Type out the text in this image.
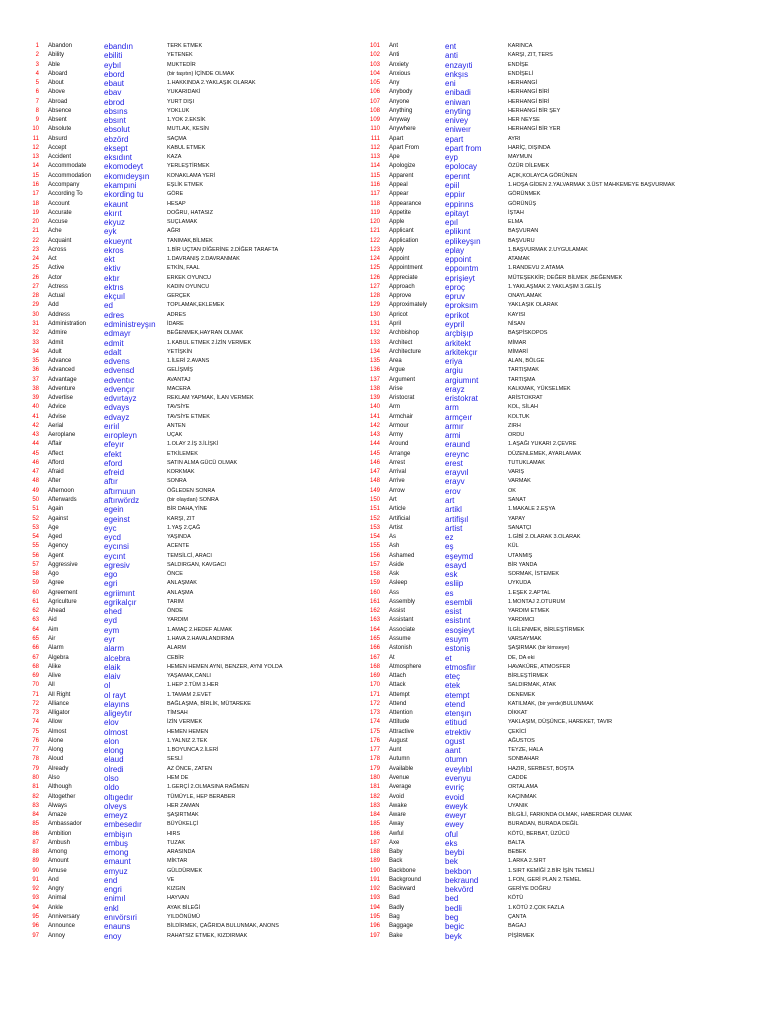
1 Abandon	ebandın	TERK ETMEK
2 Ability	ebiliti	YETENEK
3 Able	eybıl	MUKTEDİR
4 Aboard	ebord	(bir taşıtın) İÇİNDE OLMAK
5 About	ebaut	1.HAKKINDA 2.YAKLAŞIK OLARAK
6 Above	ebav	YUKARIDAKİ
7 Abroad	ebrod	YURT DIŞI
8 Absence	ebsıns	YOKLUK
9 Absent	ebsınt	1.YOK 2.EKSİK
10 Absolute	ebsolut	MUTLAK, KESİN
11 Absurd	ebzörd	SAÇMA
12 Accept	eksept	KABUL ETMEK
13 Accident	eksıdınt	KAZA
14 Accommodate	ekomodeyt	YERLEŞTİRMEK
15 Accommodation	ekomıdeyşın	KONAKLAMA YERİ
16 Accompany	ekampıni	EŞLİK ETMEK
17 According To	ekording tu	GÖRE
18 Account	ekaunt	HESAP
19 Accurate	ekırıt	DOĞRU, HATASIZ
20 Accuse	ekyuz	SUÇLAMAK
21 Ache	eyk	AĞRI
22 Acquaint	ekueynt	TANIMAK,BİLMEK
23 Across	ekros	1.BİR UÇTAN DİĞERİNE 2.DİĞER TARAFTA
24 Act	ekt	1.DAVRANIŞ 2.DAVRANMAK
25 Active	ektiv	ETKİN, FAAL
26 Actor	ektır	ERKEK OYUNCU
27 Actress	ektrıs	KADIN OYUNCU
28 Actual	ekçuıl	GERÇEK
29 Add	ed	TOPLAMAK,EKLEMEK
30 Address	edres	ADRES
31 Administration	edministreyşın	İDARE
32 Admire	edmayr	BEĞENMEK,HAYRAN OLMAK
33 Admit	edmit	1.KABUL ETMEK 2.İZİN VERMEK
34 Adult	edalt	YETİŞKİN
35 Advance	edvens	1.İLERİ 2.AVANS
36 Advanced	edvensd	GELİŞMİŞ
37 Advantage	edventıc	AVANTAJ
38 Adventure	edvençır	MACERA
39 Advertise	edvırtayz	REKLAM YAPMAK, İLAN VERMEK
40 Advice	edvays	TAVSİYE
41 Advise	edvayz	TAVSİYE ETMEK
42 Aerial	eıriıl	ANTEN
43 Aeroplane	eıropleyn	UÇAK
44 Affair	efeyır	1.OLAY 2.İŞ 3.İLİŞKİ
45 Affect	efekt	ETKİLEMEK
46 Afford	eford	SATIN ALMA GÜCÜ OLMAK
47 Afraid	efreid	KORKMAK
48 After	aftır	SONRA
49 Afternoon	aftırnuun	ÖĞLEDEN SONRA
50 Afterwards	aftırwördz	(bir olaydan) SONRA
51 Again	egein	BİR DAHA,YİNE
52 Against	egeinst	KARŞI, ZIT
53 Age	eyc	1.YAŞ 2.ÇAĞ
54 Aged	eycd	YAŞINDA
55 Agency	eycınsi	ACENTE
56 Agent	eycınt	TEMSİLCİ, ARACI
57 Aggressive	egresiv	SALDIRGAN, KAVGACI
58 Ago	ego	ÖNCE
59 Agree	egri	ANLAŞMAK
60 Agreement	egriimınt	ANLAŞMA
61 Agriculture	egrikalçır	TARIM
62 Ahead	ehed	ÖNDE
63 Aid	eyd	YARDIM
64 Aim	eym	1.AMAÇ 2.HEDEF ALMAK
65 Air	eyr	1.HAVA 2.HAVALANDIRMA
66 Alarm	alarm	ALARM
67 Algebra	alcebra	CEBİR
68 Alike	elaik	HEMEN HEMEN AYNI, BENZER, AYNI YOLDA
69 Alive	elaiv	YAŞAMAK,CANLI
70 All	ol	1.HEP 2.TÜM 3.HER
71 All Right	ol rayt	1.TAMAM 2.EVET
72 Alliance	elayıns	BAĞLAŞMA, BİRLİK, MÜTAREKE
73 Alligator	aligeytır	TİMSAH
74 Allow	elov	İZİN VERMEK
75 Almost	olmost	HEMEN HEMEN
76 Alone	elon	1.YALNIZ 2.TEK
77 Along	elong	1.BOYUNCA 2.İLERİ
78 Aloud	elaud	SESLİ
79 Already	olredi	AZ ÖNCE, ZATEN
80 Also	olso	HEM DE
81 Although	oldo	1.GERÇİ 2.OLMASINA RAĞMEN
82 Altogether	oltıgedır	TÜMÜYLE, HEP BERABER
83 Always	olveys	HER ZAMAN
84 Amaze	emeyz	ŞAŞIRTMAK
85 Ambassador	embesedır	BÜYÜKELÇİ
86 Ambition	embişın	HIRS
87 Ambush	embuş	TUZAK
88 Among	emong	ARASINDA
89 Amount	emaunt	MİKTAR
90 Amuse	emyuz	GÜLDÜRMEK
91 And	end	VE
92 Angry	engri	KIZGIN
93 Animal	enimıl	HAYVAN
94 Ankle	enkl	AYAK BİLEĞİ
95 Anniversary	enıvörsıri	YILDÖNÜMÜ
96 Announce	enauns	BİLDİRMEK, ÇAĞRIDA BULUNMAK, ANONS
97 Annoy	enoy	RAHATSIZ ETMEK, KIZDIRMAK
101 Ant	ent	KARINCA
102 Anti	anti	KARŞI, ZIT, TERS
103 Anxiety	enzayıti	ENDİŞE
104 Anxious	enkşıs	ENDİŞELİ
105 Any	eni	HERHANGİ
106 Anybody	enibadi	HERHANGİ BİRİ
107 Anyone	eniwan	HERHANGİ BİRİ
108 Anything	enyting	HERHANGİ BİR ŞEY
109 Anyway	enivey	HER NEYSE
110 Anywhere	eniweır	HERHANGİ BİR YER
111 Apart	epart	AYRI
112 Apart From	epart from	HARİÇ, DIŞINDA
113 Ape	eyp	MAYMUN
114 Apologize	epolocay	ÖZÜR DİLEMEK
115 Apparent	eperınt	AÇIK,KOLAYCA GÖRÜNEN
116 Appeal	epiil	1.HOŞA GİDEN 2.YALVARMAK 3.ÜST MAHKEMEYE BAŞVURMAK
117 Appear	eppiır	GÖRÜNMEK
118 Appearance	eppirıns	GÖRÜNÜŞ
119 Appetite	epitayt	İŞTAH
120 Apple	epıl	ELMA
121 Applicant	eplikınt	BAŞVURAN
122 Application	eplikeyşın	BAŞVURU
123 Apply	eplay	1.BAŞVURMAK 2.UYGULAMAK
124 Appoint	eppoint	ATAMAK
125 Appointment	eppoıntm	1.RANDEVU 2.ATAMA
126 Appreciate	eprişieyt	MÜTEŞEKKİR; DEĞER BİLMEK ,BEĞENMEK
127 Approach	eproç	1.YAKLAŞMAK 2.YAKLAŞIM 3.GELİŞ
128 Approve	epruv	ONAYLAMAK
129 Approximately	eproksım	YAKLAŞIK OLARAK
130 Apricot	eprikot	KAYISI
131 April	eypril	NİSAN
132 Archbishop	arçbişıp	BAŞPİSKOPOS
133 Architect	arkitekt	MİMAR
134 Architecture	arkitekçır	MİMARİ
135 Area	eriya	ALAN, BÖLGE
136 Argue	argiu	TARTIŞMAK
137 Argument	argiumınt	TARTIŞMA
138 Arise	erayz	KALKMAK, YÜKSELMEK
139 Aristocrat	eristokrat	ARİSTOKRAT
140 Arm	arm	KOL, SİLAH
141 Armchair	armçeır	KOLTUK
142 Armour	armır	ZIRH
143 Army	armi	ORDU
144 Around	eraund	1.AŞAĞI YUKARI 2.ÇEVRE
145 Arrange	ereync	DÜZENLEMEK, AYARLAMAK
146 Arrest	erest	TUTUKLAMAK
147 Arrival	erayvıl	VARIŞ
148 Arrive	erayv	VARMAK
149 Arrow	erov	OK
150 Art	art	SANAT
151 Article	artikl	1.MAKALE 2.EŞYA
152 Artificial	artifişıl	YAPAY
153 Artist	artist	SANATÇI
154 As	ez	1.GİBİ 2.OLARAK 3.OLARAK
155 Ash	eş	KÜL
156 Ashamed	eşeymd	UTANMIŞ
157 Aside	esayd	BİR YANDA
158 Ask	esk	SORMAK, İSTEMEK
159 Asleep	esliip	UYKUDA
160 Ass	es	1.EŞEK 2.APTAL
161 Assembly	esembli	1.MONTAJ 2.OTURUM
162 Assist	esist	YARDIM ETMEK
163 Assistant	esistınt	YARDIMCI
164 Associate	esoşieyt	İLGİLENMEK, BİRLEŞTİRMEK
165 Assume	esuym	VARSAYMAK
166 Astonish	estoniş	ŞAŞIRMAK (bir kimseye)
167 At	et	DE, DA eki
168 Atmosphere	etmosfiır	HAVAKÜRE, ATMOSFER
169 Attach	eteç	BİRLEŞTİRMEK
170 Attack	etek	SALDIRMAK, ATAK
171 Attempt	etempt	DENEMEK
172 Attend	etend	KATILMAK, (bir yerde)BULUNMAK
173 Attention	etenşın	DİKKAT
174 Attitude	etitıud	YAKLAŞIM, DÜŞÜNCE, HAREKET, TAVIR
175 Attractive	etrektiv	ÇEKİCİ
176 August	ogust	AĞUSTOS
177 Aunt	aant	TEYZE, HALA
178 Autumn	otumn	SONBAHAR
179 Available	eveylıbl	HAZIR, SERBEST, BOŞTA
180 Avenue	evenyu	CADDE
181 Average	evıriç	ORTALAMA
182 Avoid	evoid	KAÇINMAK
183 Awake	eweyk	UYANIK
184 Aware	eweyr	BİLGİLİ, FARKINDA OLMAK, HABERDAR OLMAK
185 Away	ewey	BURADAN, BURADA DEĞİL
186 Awful	oful	KÖTÜ, BERBAT, ÜZÜCÜ
187 Axe	eks	BALTA
188 Baby	beybi	BEBEK
189 Back	bek	1.ARKA 2.SIRT
190 Backbone	bekbon	1.SIRT KEMİĞİ 2.BİR İŞİN TEMELİ
191 Background	bekraund	1.FON, GERİ PLAN 2.TEMEL
192 Backward	bekvörd	GERİYE DOĞRU
193 Bad	bed	KÖTÜ
194 Badly	bedli	1.KÖTÜ 2.ÇOK FAZLA
195 Bag	beg	ÇANTA
196 Baggage	begic	BAGAJ
197 Bake	beyk	PİŞİRMEK
